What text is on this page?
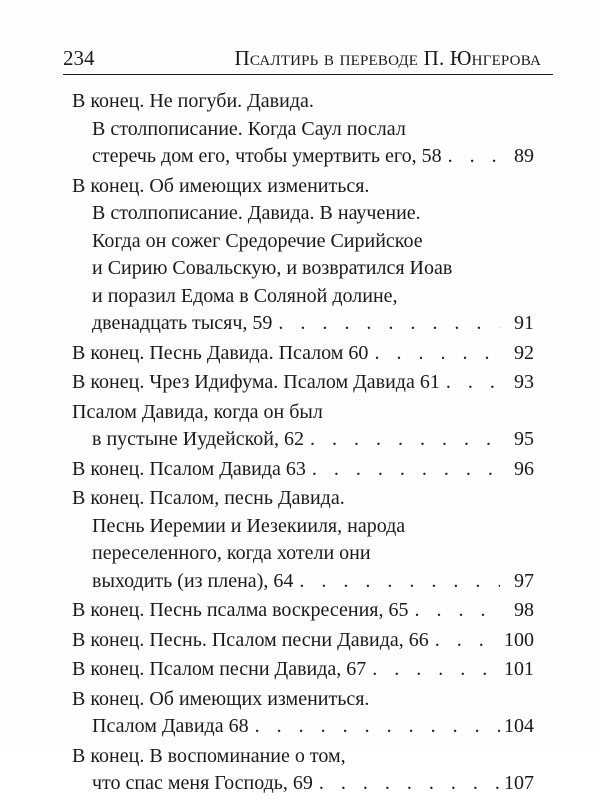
234	Псалтирь в переводе П. Юнгерова
В конец. Не погуби. Давида.
В столпописание. Когда Саул послал
стеречь дом его, чтобы умертвить его, 58 . . .	89
В конец. Об имеющих измениться.
В столпописание. Давида. В научение.
Когда он сожег Средоречие Сирийское
и Сирию Совальскую, и возвратился Иоав
и поразил Едома в Соляной долине,
двенадцать тысяч, 59 . . .	91
В конец. Песнь Давида. Псалом 60 . . .	92
В конец. Чрез Идифума. Псалом Давида 61 . . .	93
Псалом Давида, когда он был
в пустыне Иудейской, 62 . . .	95
В конец. Псалом Давида 63 . . .	96
В конец. Псалом, песнь Давида.
Песнь Иеремии и Иезекииля, народа
переселенного, когда хотели они
выходить (из плена), 64 . . .	97
В конец. Песнь псалма воскресения, 65 . . .	98
В конец. Песнь. Псалом песни Давида, 66 . . .	100
В конец. Псалом песни Давида, 67 . . .	101
В конец. Об имеющих измениться.
Псалом Давида 68 . . .	104
В конец. В воспоминание о том,
что спас меня Господь, 69 . . .	107
